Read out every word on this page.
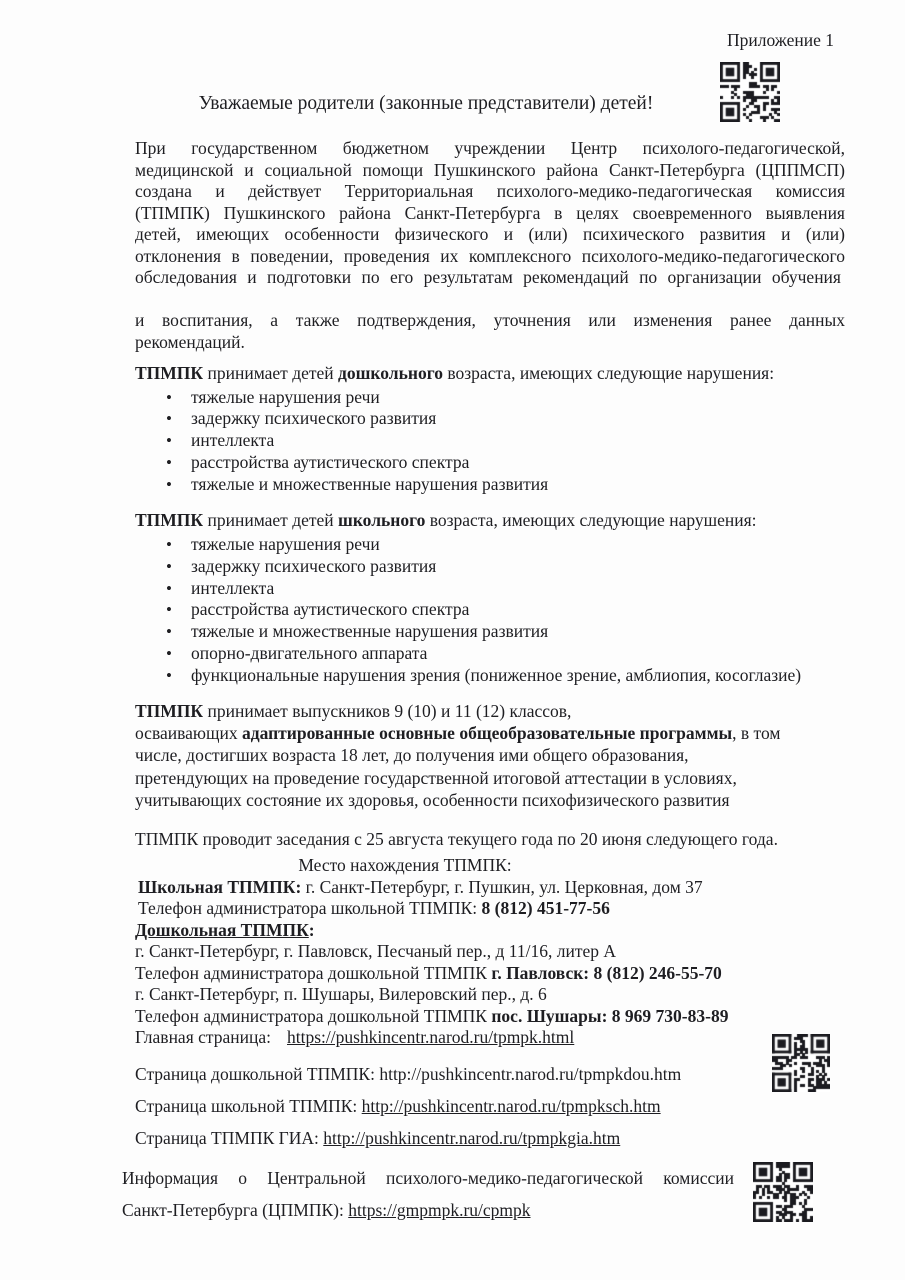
Приложение 1
Уважаемые родители (законные представители) детей!

При государственном бюджетном учреждении Центр психолого-педагогической, медицинской и социальной помощи Пушкинского района Санкт-Петербурга (ЦППМСП) создана и действует Территориальная психолого-медико-педагогическая комиссия (ТПМПК) Пушкинского района Санкт-Петербурга в целях своевременного выявления детей, имеющих особенности физического и (или) психического развития и (или) отклонения в поведении, проведения их комплексного психолого-медико-педагогического обследования и подготовки по его результатам рекомендаций по организации обучения

и воспитания, а также подтверждения, уточнения или изменения ранее данных рекомендаций.

ТПМПК принимает детей дошкольного возраста, имеющих следующие нарушения:

• тяжелые нарушения речи
• задержку психического развития
• интеллекта
• расстройства аутистического спектра
• тяжелые и множественные нарушения развития

ТПМПК принимает детей школьного возраста, имеющих следующие нарушения:

• тяжелые нарушения речи
• задержку психического развития
• интеллекта
• расстройства аутистического спектра
• тяжелые и множественные нарушения развития
• опорно-двигательного аппарата
• функциональные нарушения зрения (пониженное зрение, амблиопия, косоглазие)

ТПМПК принимает выпускников 9 (10) и 11 (12) классов,
осваивающих адаптированные основные общеобразовательные программы, в том
числе, достигших возраста 18 лет, до получения ими общего образования,
претендующих на проведение государственной итоговой аттестации в условиях,
учитывающих состояние их здоровья, особенности психофизического развития

ТПМПК проводит заседания с 25 августа текущего года по 20 июня следующего года.

Место нахождения ТПМПК:
Школьная ТПМПК: г. Санкт-Петербург, г. Пушкин, ул. Церковная, дом 37
Телефон администратора школьной ТПМПК: 8 (812) 451-77-56
Дошкольная ТПМПК:
г. Санкт-Петербург, г. Павловск, Песчаный пер., д 11/16, литер А
Телефон администратора дошкольной ТПМПК г. Павловск: 8 (812) 246-55-70
г. Санкт-Петербург, п. Шушары, Вилеровский пер., д. 6
Телефон администратора дошкольной ТПМПК пос. Шушары: 8 969 730-83-89
Главная страница: https://pushkincentr.narod.ru/tpmpk.html
Страница дошкольной ТПМПК: http://pushkincentr.narod.ru/tpmpkdou.htm
Страница школьной ТПМПК: http://pushkincentr.narod.ru/tpmpksch.htm
Страница ТПМПК ГИА: http://pushkincentr.narod.ru/tpmpkgia.htm
Информация о Центральной психолого-медико-педагогической комиссии
Санкт-Петербурга (ЦПМПК): https://gmpmpk.ru/cpmpk
